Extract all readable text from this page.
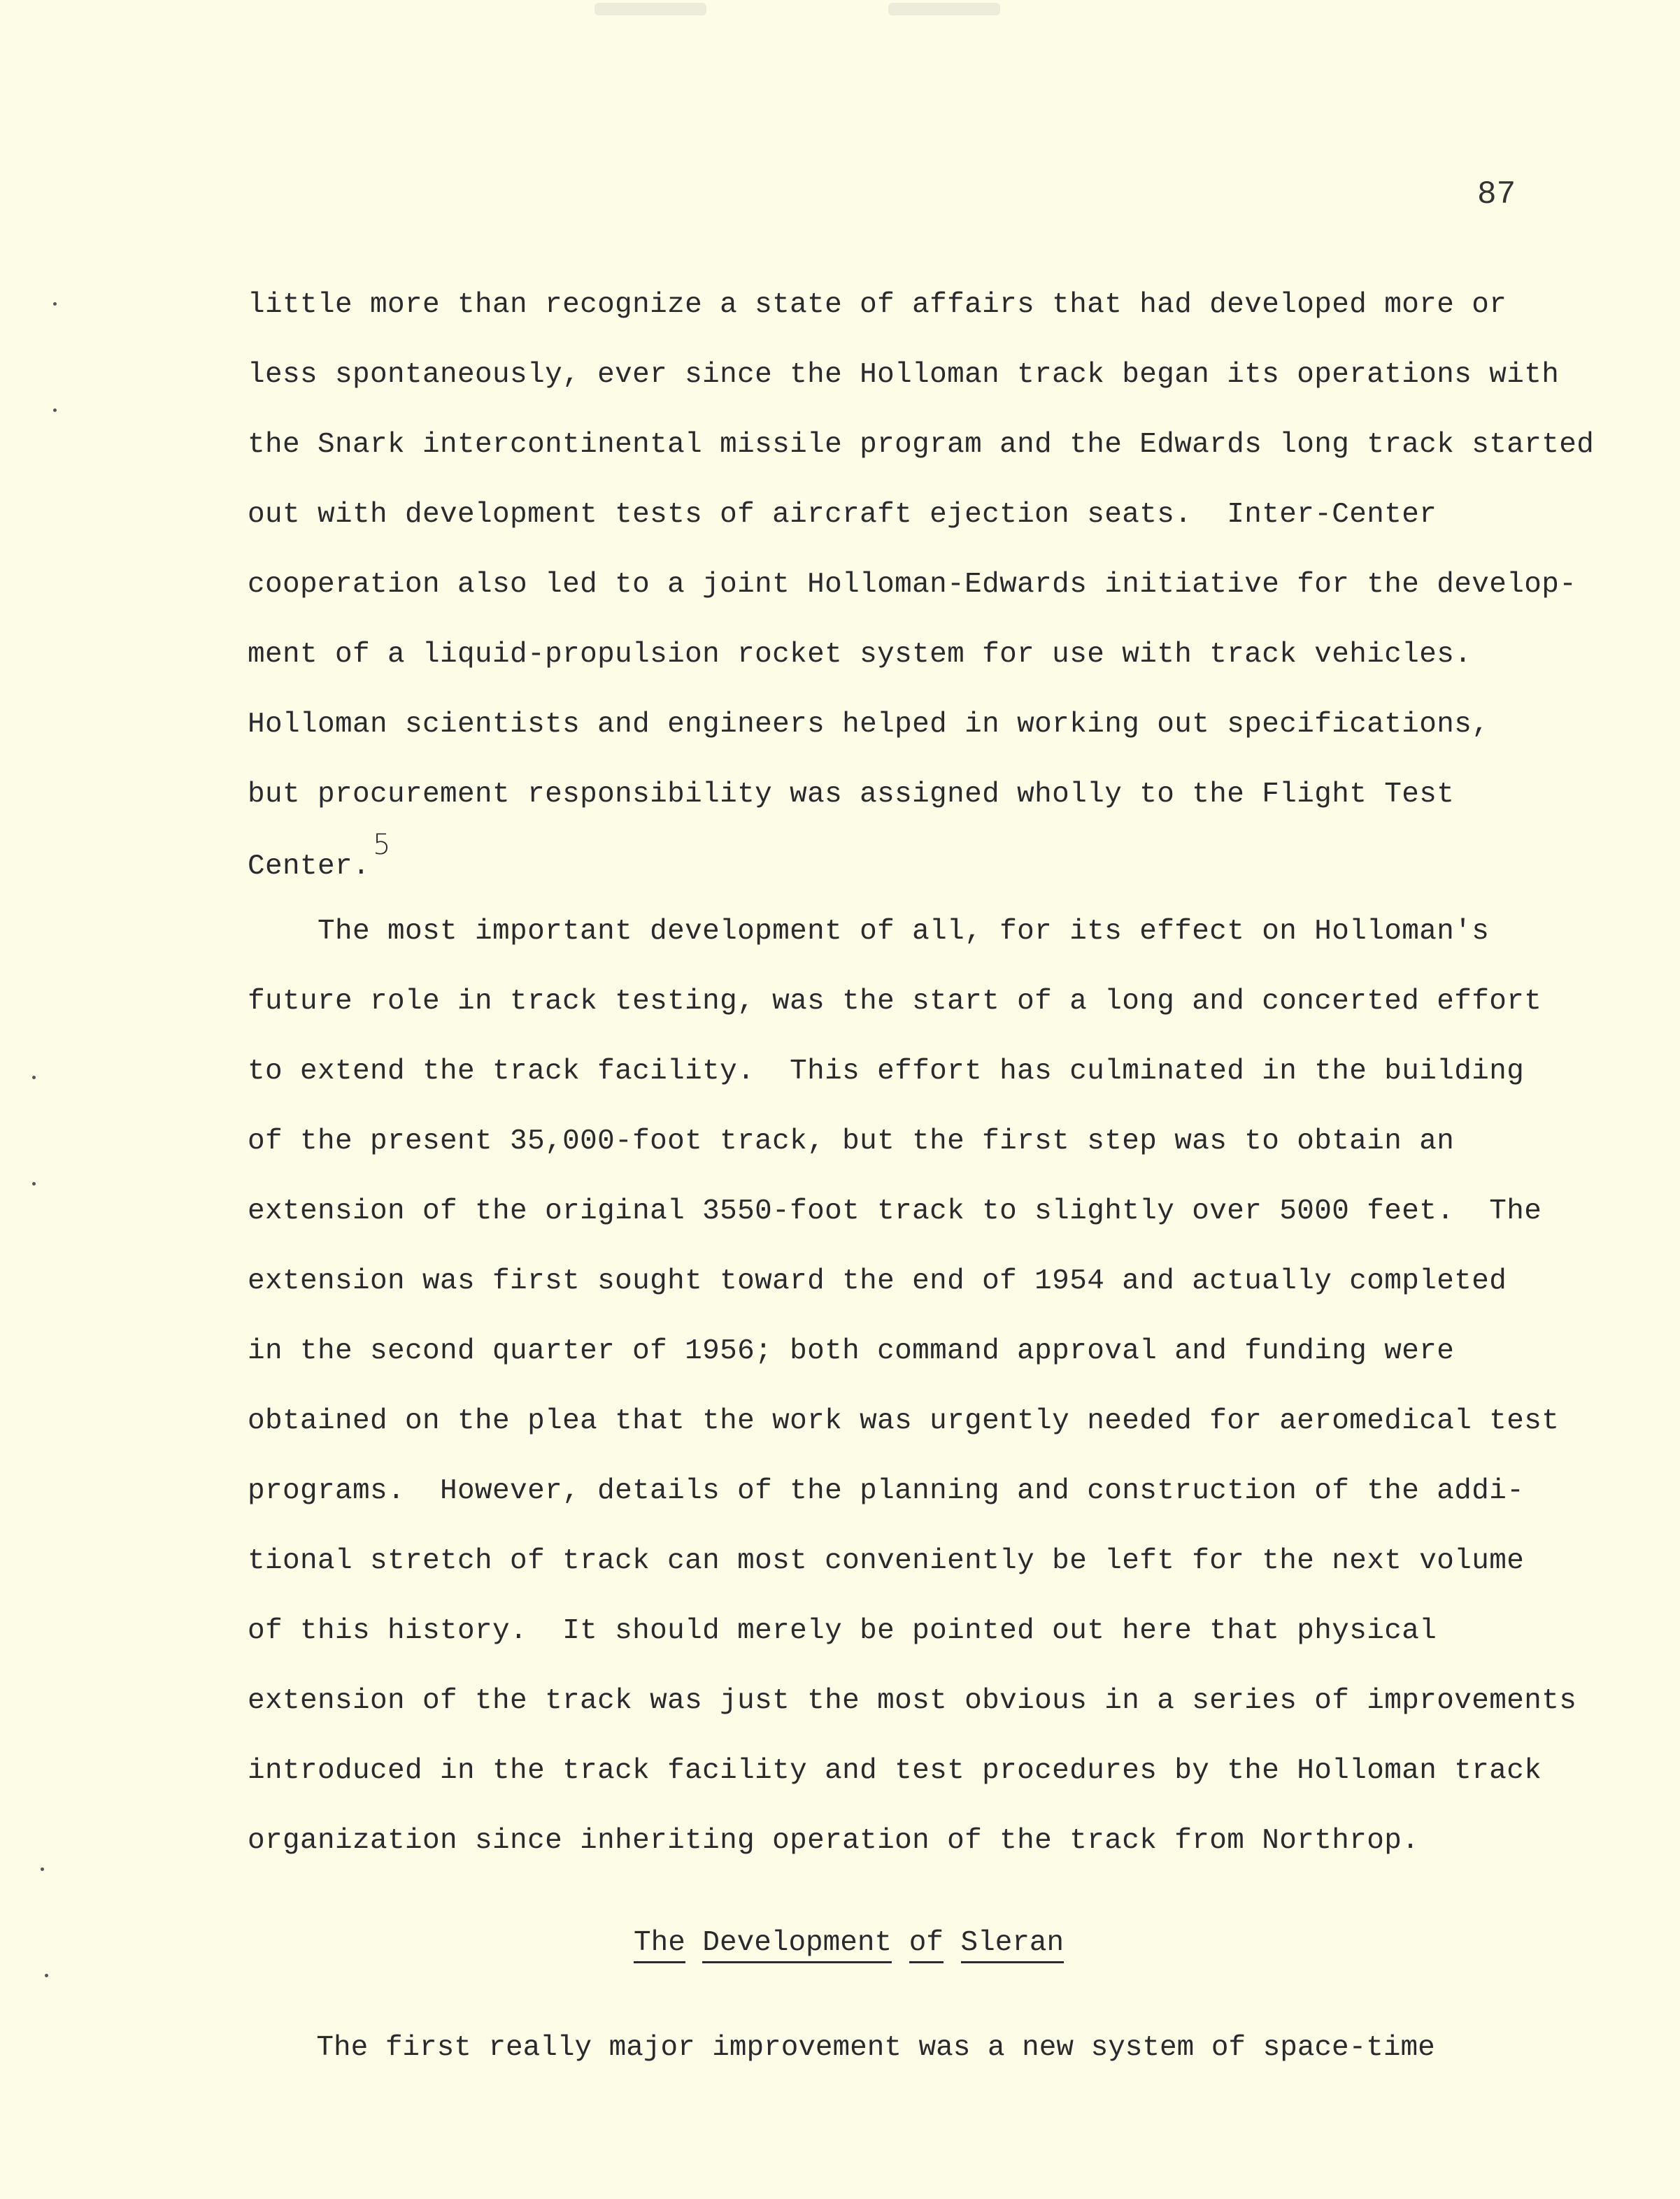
87
little more than recognize a state of affairs that had developed more or
less spontaneously, ever since the Holloman track began its operations with
the Snark intercontinental missile program and the Edwards long track started
out with development tests of aircraft ejection seats.  Inter-Center
cooperation also led to a joint Holloman-Edwards initiative for the develop-
ment of a liquid-propulsion rocket system for use with track vehicles.
Holloman scientists and engineers helped in working out specifications,
but procurement responsibility was assigned wholly to the Flight Test
Center.$^5$
The most important development of all, for its effect on Holloman's
future role in track testing, was the start of a long and concerted effort
to extend the track facility.  This effort has culminated in the building
of the present 35,000-foot track, but the first step was to obtain an
extension of the original 3550-foot track to slightly over 5000 feet.  The
extension was first sought toward the end of 1954 and actually completed
in the second quarter of 1956; both command approval and funding were
obtained on the plea that the work was urgently needed for aeromedical test
programs.  However, details of the planning and construction of the addi-
tional stretch of track can most conveniently be left for the next volume
of this history.  It should merely be pointed out here that physical
extension of the track was just the most obvious in a series of improvements
introduced in the track facility and test procedures by the Holloman track
organization since inheriting operation of the track from Northrop.
The Development of Sleran
The first really major improvement was a new system of space-time
